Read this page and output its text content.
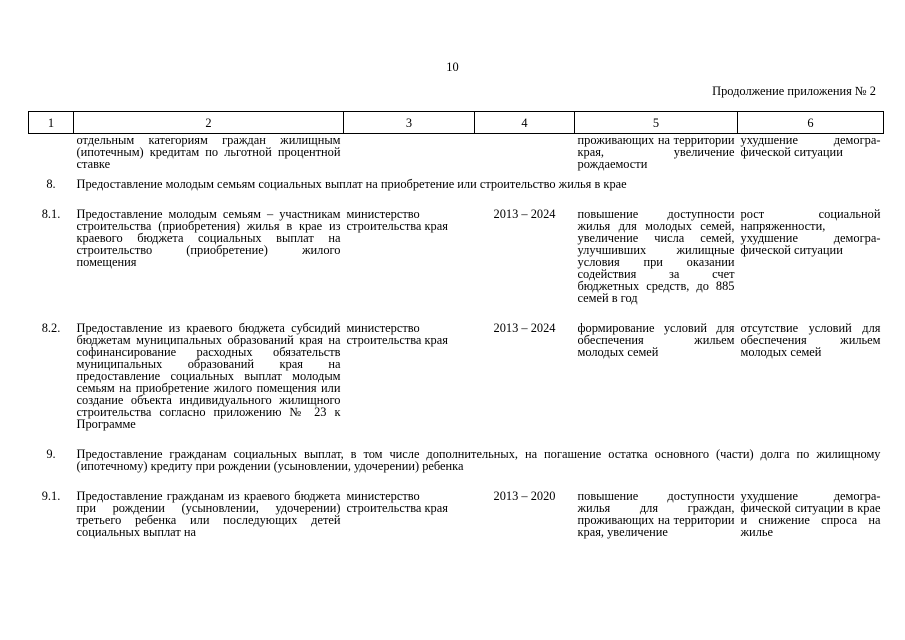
10
Продолжение приложения № 2
1	2	3	4	5	6
	отдельным категориям граждан жилищным (ипотечным) кредитам по льготной процентной ставке			проживающих на территории края, увеличение рождаемости	ухудшение демографической ситуации

8.	Предоставление молодым семьям социальных выплат на приобретение или строительство жилья в крае				

8.1.	Предоставление молодым семьям – участникам строительства (приобретения) жилья в крае из краевого бюджета социальных выплат на строительство (приобретение) жилого помещения	министерство строительства края	2013 – 2024	повышение доступности жилья для молодых семей, увеличение числа семей, улучшивших жилищные условия при оказании содействия за счет бюджетных средств, до 885 семей в год	рост социальной напряженности, ухудшение демографической ситуации

8.2.	Предоставление из краевого бюджета субсидий бюджетам муниципальных образований края на софинансирование расходных обязательств муниципальных образований края на предоставление социальных выплат молодым семьям на приобретение жилого помещения или создание объекта индивидуального жилищного строительства согласно приложению № 23 к Программе	министерство строительства края	2013 – 2024	формирование условий для обеспечения жильем молодых семей	отсутствие условий для обеспечения жильем молодых семей

9.	Предоставление гражданам социальных выплат, в том числе дополнительных, на погашение остатка основного (части) долга по жилищному (ипотечному) кредиту при рождении (усыновлении, удочерении) ребенка				

9.1.	Предоставление гражданам из краевого бюджета при рождении (усыновлении, удочерении) третьего ребенка или последующих детей социальных выплат на	министерство строительства края	2013 – 2020	повышение доступности жилья для граждан, проживающих на территории края, увеличение	ухудшение демографической ситуации в крае и снижение спроса на жилье
